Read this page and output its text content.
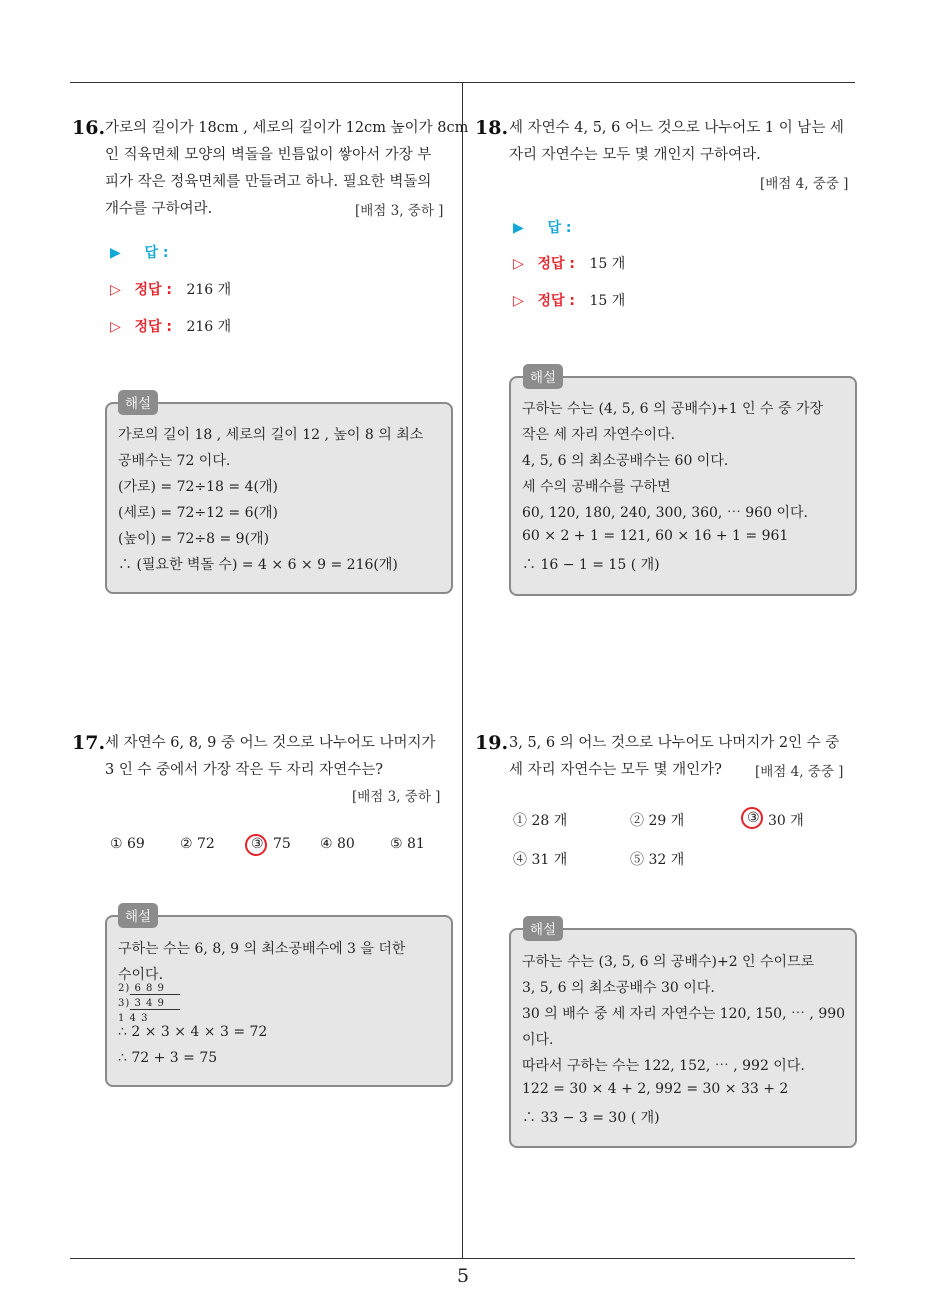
16. 가로의 길이가 18cm , 세로의 길이가 12cm 높이가 8cm
인 직육면체 모양의 벽돌을 빈틈없이 쌓아서 가장 부
피가 작은 정육면체를 만들려고 하나. 필요한 벽돌의
개수를 구하여라.	[배점 3, 중하 ]
▶ 답 :
▷ 정답 : 216 개
▷ 정답 : 216 개
해설
가로의 길이 18 , 세로의 길이 12 , 높이 8 의 최소
공배수는 72 이다.
(가로) = 72÷18 = 4(개)
(세로) = 72÷12 = 6(개)
(높이) = 72÷8 = 9(개)
∴ (필요한 벽돌 수) = 4 × 6 × 9 = 216(개)
17. 세 자연수 6, 8, 9 중 어느 것으로 나누어도 나머지가
3 인 수 중에서 가장 작은 두 자리 자연수는?
[배점 3, 중하 ]
① 69	② 72	③ 75 ④ 80	⑤ 81
해설
구하는 수는 6, 8, 9 의 최소공배수에 3 을 더한
수이다.
2) 6 8 9
3) 3 4 9
1 4 3
∴ 2 × 3 × 4 × 3 = 72
∴ 72 + 3 = 75
18. 세 자연수 4, 5, 6 어느 것으로 나누어도 1 이 남는 세
자리 자연수는 모두 몇 개인지 구하여라.
[배점 4, 중중 ]
▶ 답 :
▷ 정답 : 15 개
▷ 정답 : 15 개
해설
구하는 수는 (4, 5, 6 의 공배수)+1 인 수 중 가장
작은 세 자리 자연수이다.
4, 5, 6 의 최소공배수는 60 이다.
세 수의 공배수를 구하면
60, 120, 180, 240, 300, 360, ⋯ 960 이다.
60 × 2 + 1 = 121, 60 × 16 + 1 = 961
∴ 16 − 1 = 15 ( 개)
19. 3, 5, 6 의 어느 것으로 나누어도 나머지가 2인 수 중
세 자리 자연수는 모두 몇 개인가? [배점 4, 중중 ]
① 28 개	② 29 개	③ 30 개
④ 31 개	⑤ 32 개
해설
구하는 수는 (3, 5, 6 의 공배수)+2 인 수이므로
3, 5, 6 의 최소공배수 30 이다.
30 의 배수 중 세 자리 자연수는 120, 150, ⋯ , 990
이다.
따라서 구하는 수는 122, 152, ⋯ , 992 이다.
122 = 30 × 4 + 2, 992 = 30 × 33 + 2
∴ 33 − 3 = 30 ( 개)
5
